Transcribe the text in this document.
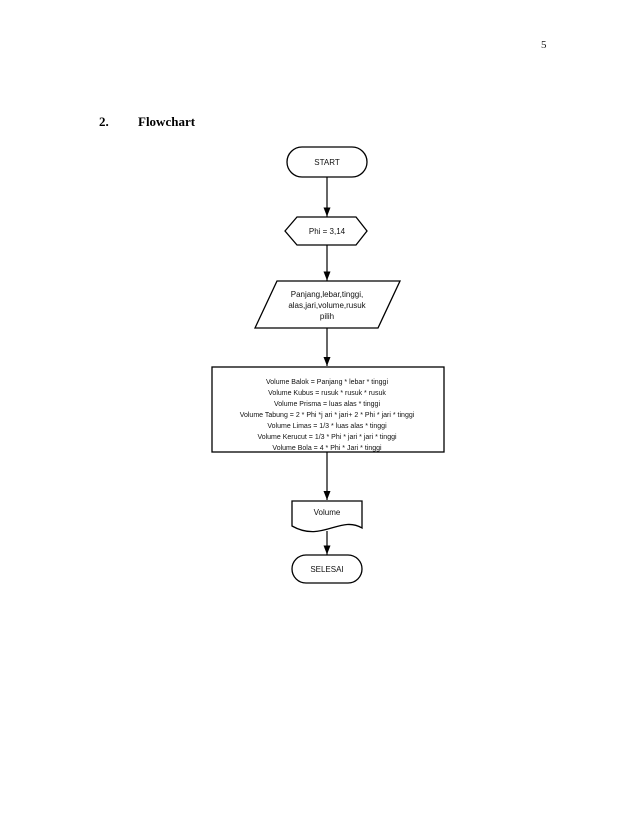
5
2. Flowchart
START
Phi = 3,14
Panjang,lebar,tinggi,
alas,jari,volume,rusuk
pilih
Volume Balok = Panjang * lebar * tinggi
Volume Kubus = rusuk * rusuk * rusuk
Volume Prisma = luas alas * tinggi
Volume Tabung = 2 * Phi *j ari * jari+ 2 * Phi * jari * tinggi
Volume Limas = 1/3 * luas alas * tinggi
Volume Kerucut = 1/3 * Phi * jari * jari * tinggi
Volume Bola = 4 * Phi * Jari * tinggi
Volume
SELESAI
